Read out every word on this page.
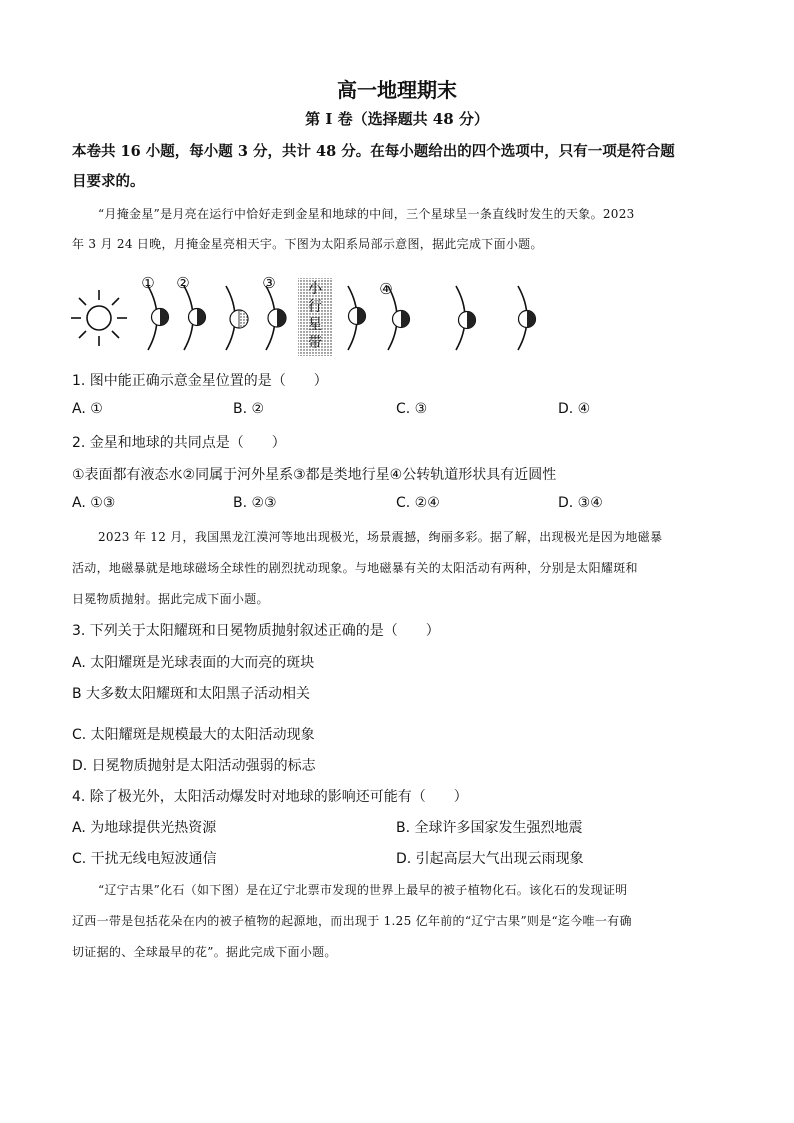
高一地理期末
第 I 卷（选择题共 48 分）
本卷共 16 小题，每小题 3 分，共计 48 分。在每小题给出的四个选项中，只有一项是符合题
目要求的。
“月掩金星”是月亮在运行中恰好走到金星和地球的中间，三个星球呈一条直线时发生的天象。2023
年 3 月 24 日晚，月掩金星亮相天宇。下图为太阳系局部示意图，据此完成下面小题。
小
行
星
带
① ②	③	④
1. 图中能正确示意金星位置的是（　　）
A. ①	B. ②	C. ③	D. ④
2. 金星和地球的共同点是（　　）
①表面都有液态水②同属于河外星系③都是类地行星④公转轨道形状具有近圆性
A. ①③	B. ②③	C. ②④	D. ③④
2023 年 12 月，我国黑龙江漠河等地出现极光，场景震撼，绚丽多彩。据了解，出现极光是因为地磁暴
活动，地磁暴就是地球磁场全球性的剧烈扰动现象。与地磁暴有关的太阳活动有两种，分别是太阳耀斑和
日冕物质抛射。据此完成下面小题。
3. 下列关于太阳耀斑和日冕物质抛射叙述正确的是（　　）
A. 太阳耀斑是光球表面的大而亮的斑块
B 大多数太阳耀斑和太阳黑子活动相关
C. 太阳耀斑是规模最大的太阳活动现象
D. 日冕物质抛射是太阳活动强弱的标志
4. 除了极光外，太阳活动爆发时对地球的影响还可能有（　　）
A. 为地球提供光热资源	B. 全球许多国家发生强烈地震
C. 干扰无线电短波通信	D. 引起高层大气出现云雨现象
“辽宁古果”化石（如下图）是在辽宁北票市发现的世界上最早的被子植物化石。该化石的发现证明
辽西一带是包括花朵在内的被子植物的起源地，而出现于 1.25 亿年前的“辽宁古果”则是“迄今唯一有确
切证据的、全球最早的花”。据此完成下面小题。
